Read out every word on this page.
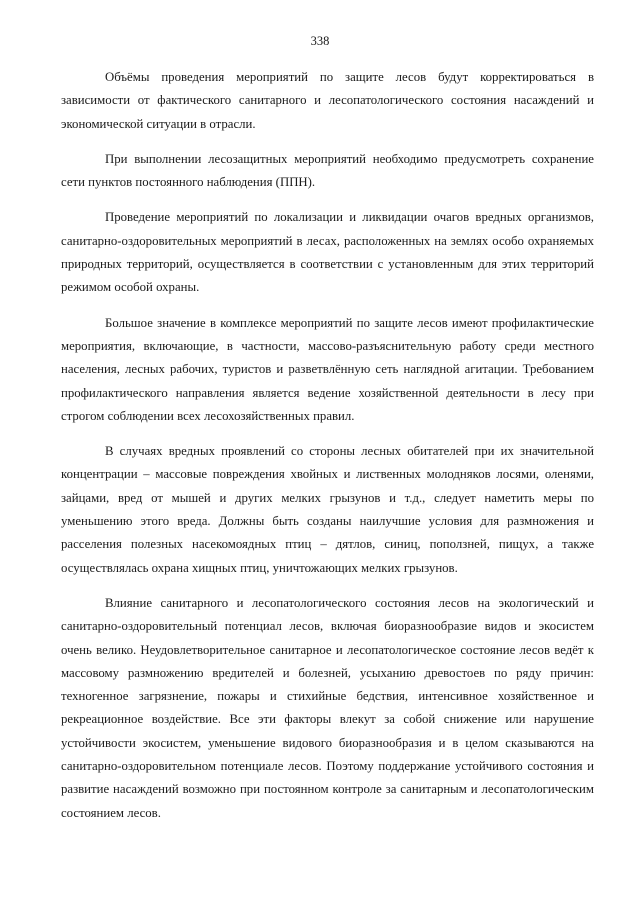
338

Объёмы проведения мероприятий по защите лесов будут корректироваться в зависимости от фактического санитарного и лесопатологического состояния насаждений и экономической ситуации в отрасли.

При выполнении лесозащитных мероприятий необходимо предусмотреть сохранение сети пунктов постоянного наблюдения (ППН).

Проведение мероприятий по локализации и ликвидации очагов вредных организмов, санитарно-оздоровительных мероприятий в лесах, расположенных на землях особо охраняемых природных территорий, осуществляется в соответствии с установленным для этих территорий режимом особой охраны.

Большое значение в комплексе мероприятий по защите лесов имеют профилактические мероприятия, включающие, в частности, массово-разъяснительную работу среди местного населения, лесных рабочих, туристов и разветвлённую сеть наглядной агитации. Требованием профилактического направления является ведение хозяйственной деятельности в лесу при строгом соблюдении всех лесохозяйственных правил.

В случаях вредных проявлений со стороны лесных обитателей при их значительной концентрации – массовые повреждения хвойных и лиственных молодняков лосями, оленями, зайцами, вред от мышей и других мелких грызунов и т.д., следует наметить меры по уменьшению этого вреда. Должны быть созданы наилучшие условия для размножения и расселения полезных насекомоядных птиц – дятлов, синиц, поползней, пищух, а также осуществлялась охрана хищных птиц, уничтожающих мелких грызунов.

Влияние санитарного и лесопатологического состояния лесов на экологический и санитарно-оздоровительный потенциал лесов, включая биоразнообразие видов и экосистем очень велико. Неудовлетворительное санитарное и лесопатологическое состояние лесов ведёт к массовому размножению вредителей и болезней, усыханию древостоев по ряду причин: техногенное загрязнение, пожары и стихийные бедствия, интенсивное хозяйственное и рекреационное воздействие. Все эти факторы влекут за собой снижение или нарушение устойчивости экосистем, уменьшение видового биоразнообразия и в целом сказываются на санитарно-оздоровительном потенциале лесов. Поэтому поддержание устойчивого состояния и развитие насаждений возможно при постоянном контроле за санитарным и лесопатологическим состоянием лесов.
